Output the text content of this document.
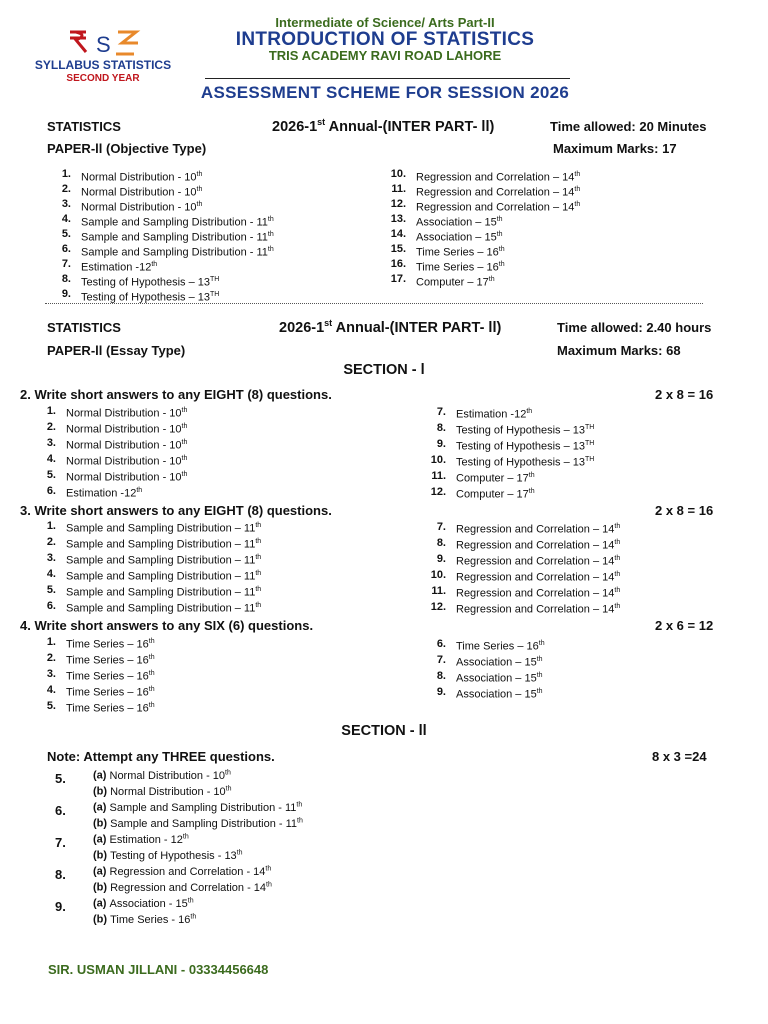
S
SYLLABUS STATISTICS
SECOND YEAR
Intermediate of Science/ Arts Part-II
INTRODUCTION OF STATISTICS
TRIS ACADEMY RAVI ROAD LAHORE
ASSESSMENT SCHEME FOR SESSION 2026
STATISTICS	2026-1st Annual-(INTER PART- ll)	Time allowed: 20 Minutes
PAPER-ll (Objective Type)	Maximum Marks: 17
1. Normal Distribution - 10th
2. Normal Distribution - 10th
3. Normal Distribution - 10th
4. Sample and Sampling Distribution - 11th
5. Sample and Sampling Distribution - 11th
6. Sample and Sampling Distribution - 11th
7. Estimation -12th
8. Testing of Hypothesis – 13TH
9. Testing of Hypothesis – 13TH
10. Regression and Correlation – 14th
11. Regression and Correlation – 14th
12. Regression and Correlation – 14th
13. Association – 15th
14. Association – 15th
15. Time Series – 16th
16. Time Series – 16th
17. Computer – 17th
STATISTICS	2026-1st Annual-(INTER PART- ll)	Time allowed: 2.40 hours
PAPER-ll (Essay Type)	Maximum Marks: 68
SECTION - l
2. Write short answers to any EIGHT (8) questions.	2 x 8 = 16
1. Normal Distribution - 10th
2. Normal Distribution - 10th
3. Normal Distribution - 10th
4. Normal Distribution - 10th
5. Normal Distribution - 10th
6. Estimation -12th
7. Estimation -12th
8. Testing of Hypothesis – 13TH
9. Testing of Hypothesis – 13TH
10. Testing of Hypothesis – 13TH
11. Computer – 17th
12. Computer – 17th
3. Write short answers to any EIGHT (8) questions.	2 x 8 = 16
1. Sample and Sampling Distribution – 11th
2. Sample and Sampling Distribution – 11th
3. Sample and Sampling Distribution – 11th
4. Sample and Sampling Distribution – 11th
5. Sample and Sampling Distribution – 11th
6. Sample and Sampling Distribution – 11th
7. Regression and Correlation – 14th
8. Regression and Correlation – 14th
9. Regression and Correlation – 14th
10. Regression and Correlation – 14th
11. Regression and Correlation – 14th
12. Regression and Correlation – 14th
4. Write short answers to any SIX (6) questions.	2 x 6 = 12
1. Time Series – 16th
2. Time Series – 16th
3. Time Series – 16th
4. Time Series – 16th
5. Time Series – 16th
6. Time Series – 16th
7. Association – 15th
8. Association – 15th
9. Association – 15th
SECTION - ll
Note: Attempt any THREE questions.	8 x 3 =24
5. (a) Normal Distribution - 10th
(b) Normal Distribution - 10th
6. (a) Sample and Sampling Distribution - 11th
(b) Sample and Sampling Distribution - 11th
7. (a) Estimation - 12th
(b) Testing of Hypothesis - 13th
8. (a) Regression and Correlation - 14th
(b) Regression and Correlation - 14th
9. (a) Association - 15th
(b) Time Series - 16th
SIR. USMAN JILLANI - 03334456648
